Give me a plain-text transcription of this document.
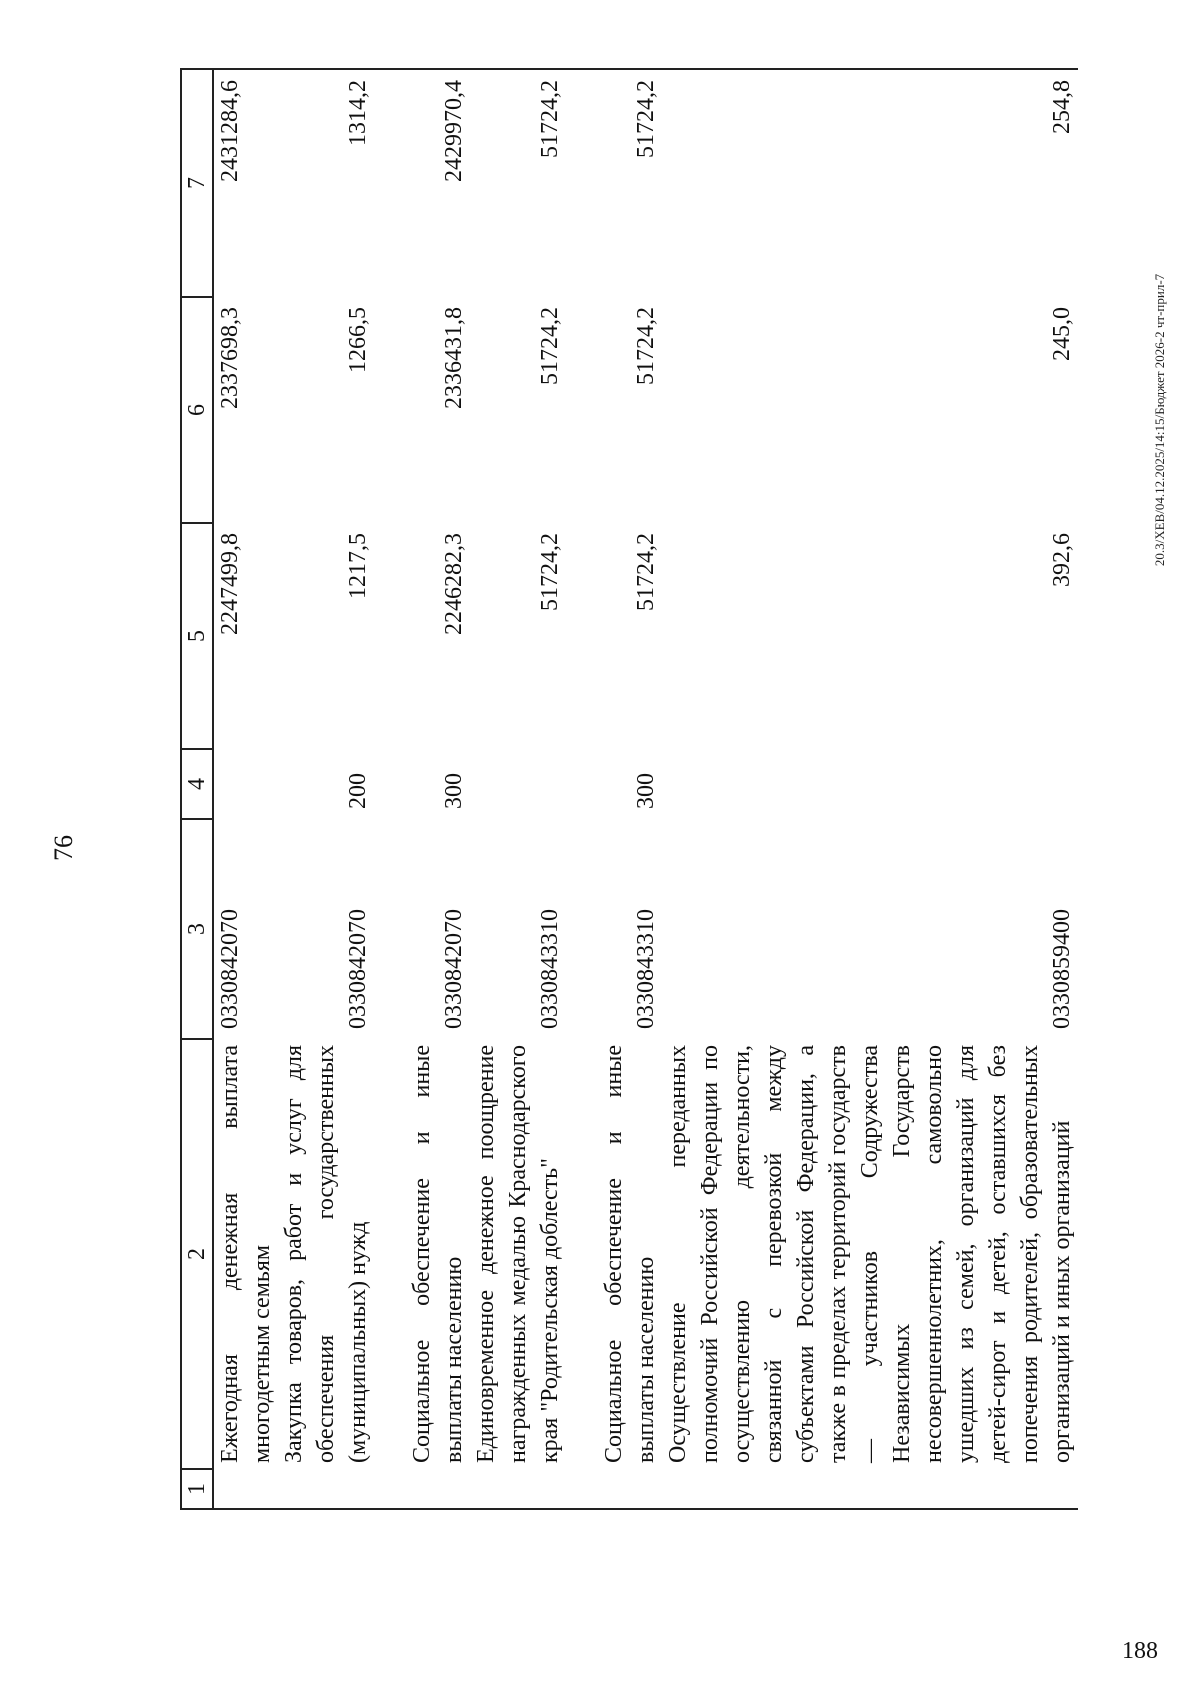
76
1	2	3	4	5	6	7
	Ежегодная денежная выплата многодетным семьям	0330842070		2247499,8	2337698,3	2431284,6
	Закупка товаров, работ и услуг для обеспечения государственных (муниципальных) нужд	0330842070	200	1217,5	1266,5	1314,2
	Социальное обеспечение и иные выплаты населению	0330842070	300	2246282,3	2336431,8	2429970,4
	Единовременное денежное поощрение награжденных медалью Краснодарского края "Родительская доблесть"	0330843310		51724,2	51724,2	51724,2
	Социальное обеспечение и иные выплаты населению	0330843310	300	51724,2	51724,2	51724,2
	Осуществление переданных полномочий Российской Федерации по осуществлению деятельности, связанной с перевозкой между субъектами Российской Федерации, а также в пределах территорий государств — участников Содружества Независимых Государств несовершеннолетних, самовольно ушедших из семей, организаций для детей-сирот и детей, оставшихся без попечения родителей, образовательных организаций и иных организаций	0330859400		392,6	245,0	254,8
20.3/ХЕВ/04.12.2025/14:15/Бюджет 2026-2 чт-прил-7
188
